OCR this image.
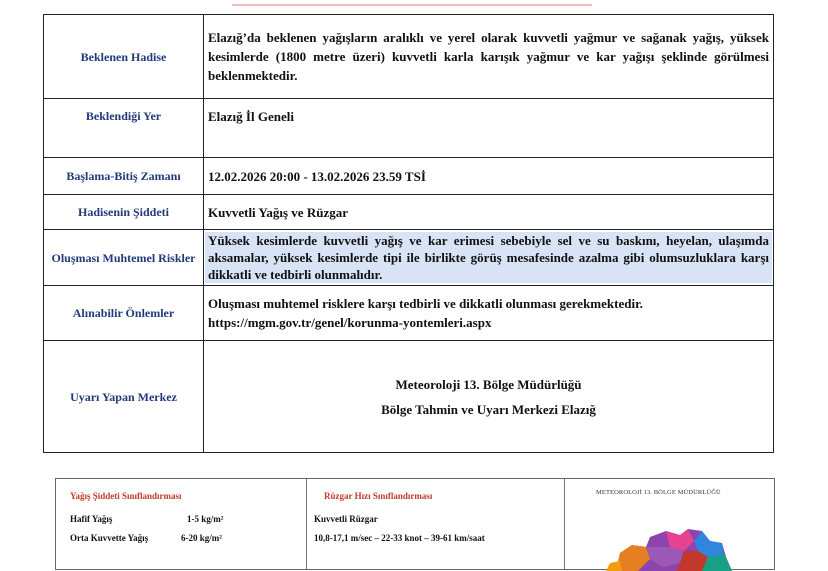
Beklenen Hadise	Elazığ’da beklenen yağışların aralıklı ve yerel olarak kuvvetli yağmur ve sağanak yağış, yüksek kesimlerde (1800 metre üzeri) kuvvetli karla karışık yağmur ve kar yağışı şeklinde görülmesi beklenmektedir.
Beklendiği Yer	Elazığ İl Geneli
Başlama-Bitiş Zamanı	12.02.2026 20:00 - 13.02.2026 23.59 TSİ
Hadisenin Şiddeti	Kuvvetli Yağış ve Rüzgar
Oluşması Muhtemel Riskler	Yüksek kesimlerde kuvvetli yağış ve kar erimesi sebebiyle sel ve su baskını, heyelan, ulaşımda aksamalar, yüksek kesimlerde tipi ile birlikte görüş mesafesinde azalma gibi olumsuzluklara karşı dikkatli ve tedbirli olunmalıdır.

Alınabilir Önlemler	Oluşması muhtemel risklere karşı tedbirli ve dikkatli olunması gerekmektedir.
https://mgm.gov.tr/genel/korunma-yontemleri.aspx

Uyarı Yapan Merkez	Meteoroloji 13. Bölge Müdürlüğü
Bölge Tahmin ve Uyarı Merkezi Elazığ
Yağış Şiddeti Sınıflandırması
Hafif Yağış	1-5 kg/m²
Orta Kuvvette Yağış	6-20 kg/m²
Rüzgar Hızı Sınıflandırması
Kuvvetli Rüzgar
10,8-17,1 m/sec – 22-33 knot – 39-61 km/saat
METEOROLOJİ 13. BÖLGE MÜDÜRLÜĞÜ
